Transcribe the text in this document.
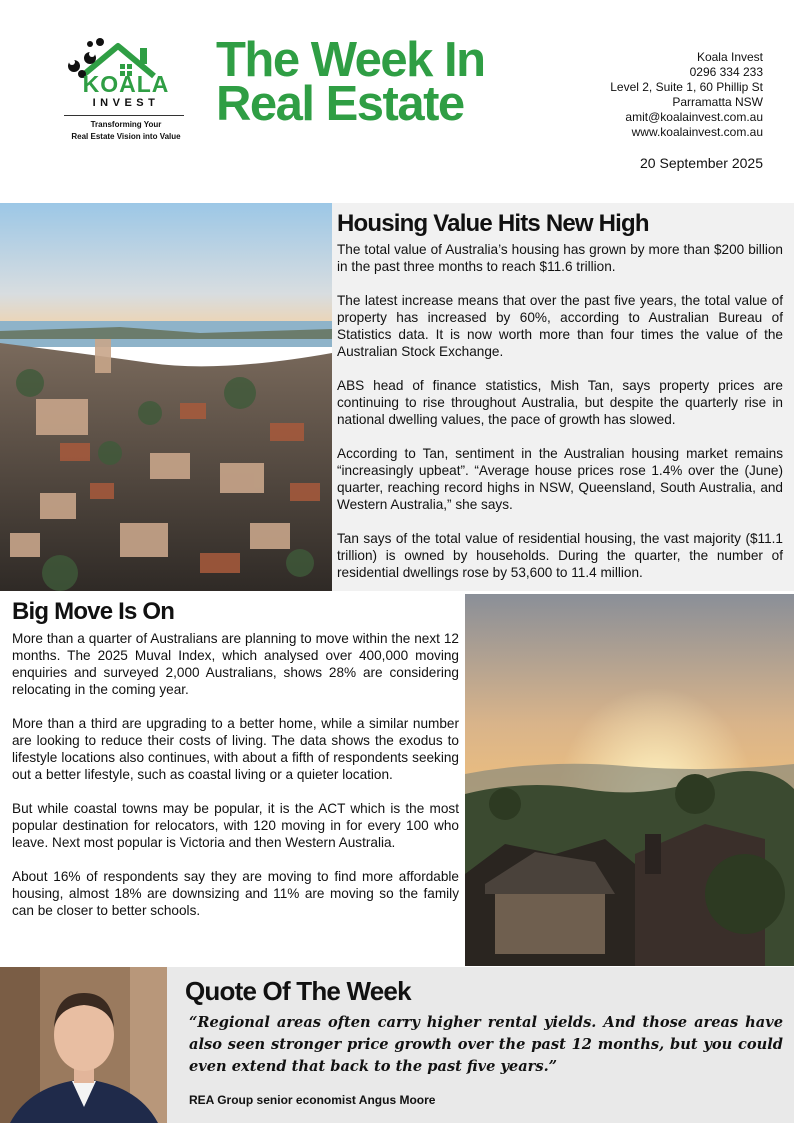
KOALA
INVEST
Transforming Your
Real Estate Vision into Value
The Week In
Real Estate
Koala Invest
0296 334 233
Level 2, Suite 1, 60 Phillip St
Parramatta NSW
amit@koalainvest.com.au
www.koalainvest.com.au
20 September 2025
Housing Value Hits New High

The total value of Australia’s housing has grown by more than $200 billion in the past three months to reach $11.6 trillion.

The latest increase means that over the past five years, the total value of property has increased by 60%, according to Australian Bureau of Statistics data. It is now worth more than four times the value of the Australian Stock Exchange.

ABS head of finance statistics, Mish Tan, says property prices are continuing to rise throughout Australia, but despite the quarterly rise in national dwelling values, the pace of growth has slowed.

According to Tan, sentiment in the Australian housing market remains “increasingly upbeat”. “Average house prices rose 1.4% over the (June) quarter, reaching record highs in NSW, Queensland, South Australia, and Western Australia,” she says.

Tan says of the total value of residential housing, the vast majority ($11.1 trillion) is owned by households. During the quarter, the number of residential dwellings rose by 53,600 to 11.4 million.

Big Move Is On

More than a quarter of Australians are planning to move within the next 12 months. The 2025 Muval Index, which analysed over 400,000 moving enquiries and surveyed 2,000 Australians, shows 28% are considering relocating in the coming year.

More than a third are upgrading to a better home, while a similar number are looking to reduce their costs of living. The data shows the exodus to lifestyle locations also continues, with about a fifth of respondents seeking out a better lifestyle, such as coastal living or a quieter location.

But while coastal towns may be popular, it is the ACT which is the most popular destination for relocators, with 120 moving in for every 100 who leave. Next most popular is Victoria and then Western Australia.

About 16% of respondents say they are moving to find more affordable housing, almost 18% are downsizing and 11% are moving so the family can be closer to better schools.

Quote Of The Week
“Regional areas often carry higher rental yields. And those areas have also seen stronger price growth over the past 12 months, but you could even extend that back to the past five years.”
REA Group senior economist Angus Moore
